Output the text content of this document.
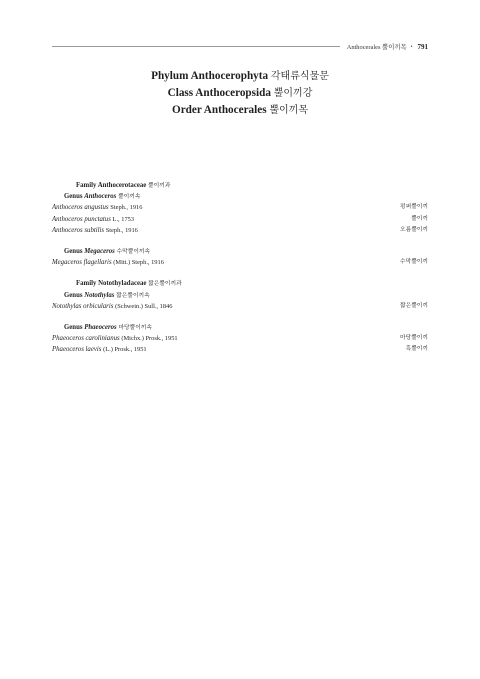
Anthocerales 뿔이끼목 • 791
Phylum Anthocerophyta 각태류식물문
Class Anthoceropsida 뿔이끼강
Order Anthocerales 뿔이끼목
Family Anthocerotaceae 뿔이끼과
Genus Anthoceros 뿔이끼속
Anthoceros angustus Steph., 1916	펑퍼뿔이끼
Anthoceros punctatus L., 1753	뿔이끼
Anthoceros subtilis Steph., 1916	오름뿔이끼
Genus Megaceros 수막뿔이끼속
Megaceros flagellaris (Mitt.) Steph., 1916	수막뿔이끼
Family Notothyladaceae 짧은뿔이끼과
Genus Notothylas 짧은뿔이끼속
Notothylas orbicularis (Schwein.) Sull., 1846	짧은뿔이끼
Genus Phaeoceros 마당뿔이끼속
Phaeoceros carolinianus (Michx.) Prosk., 1951	마당뿔이끼
Phaeoceros laevis (L.) Prosk., 1951	흑뿔이끼
